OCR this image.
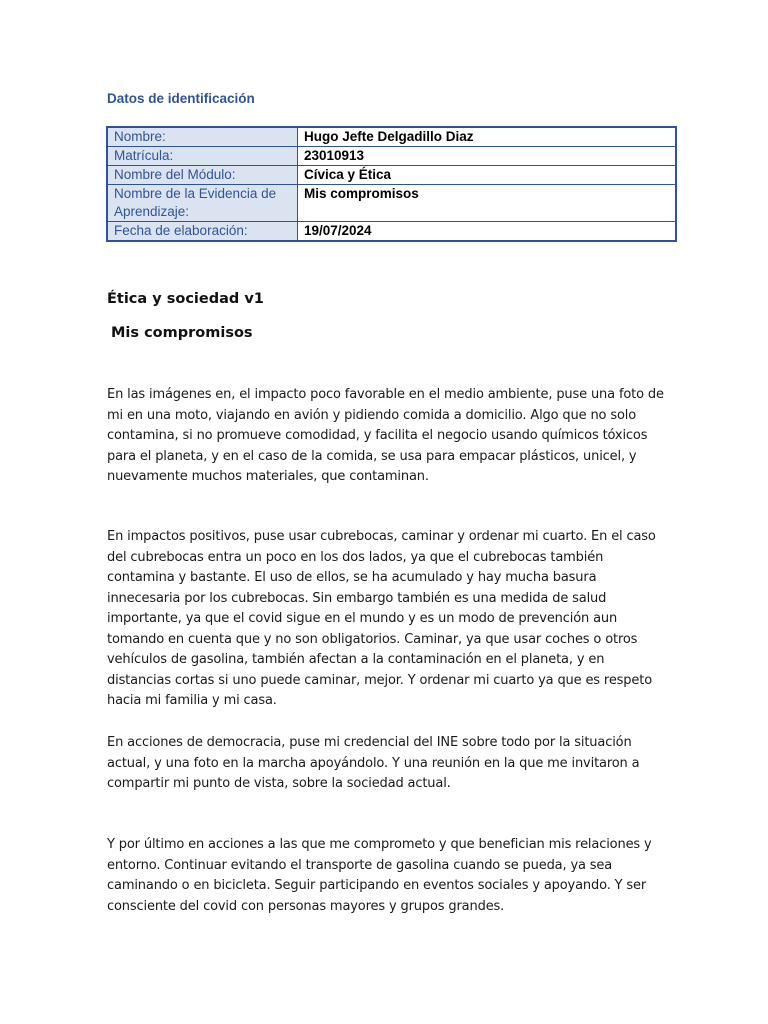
Datos de identificación
Nombre:	Hugo Jefte Delgadillo Diaz
Matrícula:	23010913
Nombre del Módulo:	Cívica y Ética
Nombre de la Evidencia de Aprendizaje:	Mis compromisos
Fecha de elaboración:	19/07/2024
Ética y sociedad v1
Mis compromisos

En las imágenes en, el impacto poco favorable en el medio ambiente, puse una foto de mi en una moto, viajando en avión y pidiendo comida a domicilio. Algo que no solo contamina, si no promueve comodidad, y facilita el negocio usando químicos tóxicos para el planeta, y en el caso de la comida, se usa para empacar plásticos, unicel, y nuevamente muchos materiales, que contaminan.

En impactos positivos, puse usar cubrebocas, caminar y ordenar mi cuarto. En el caso del cubrebocas entra un poco en los dos lados, ya que el cubrebocas también contamina y bastante. El uso de ellos, se ha acumulado y hay mucha basura innecesaria por los cubrebocas. Sin embargo también es una medida de salud importante, ya que el covid sigue en el mundo y es un modo de prevención aun tomando en cuenta que y no son obligatorios. Caminar, ya que usar coches o otros vehículos de gasolina, también afectan a la contaminación en el planeta, y en distancias cortas si uno puede caminar, mejor. Y ordenar mi cuarto ya que es respeto hacia mi familia y mi casa.

En acciones de democracia, puse mi credencial del INE sobre todo por la situación actual, y una foto en la marcha apoyándolo. Y una reunión en la que me invitaron a compartir mi punto de vista, sobre la sociedad actual.

Y por último en acciones a las que me comprometo y que benefician mis relaciones y entorno. Continuar evitando el transporte de gasolina cuando se pueda, ya sea caminando o en bicicleta. Seguir participando en eventos sociales y apoyando. Y ser consciente del covid con personas mayores y grupos grandes.
